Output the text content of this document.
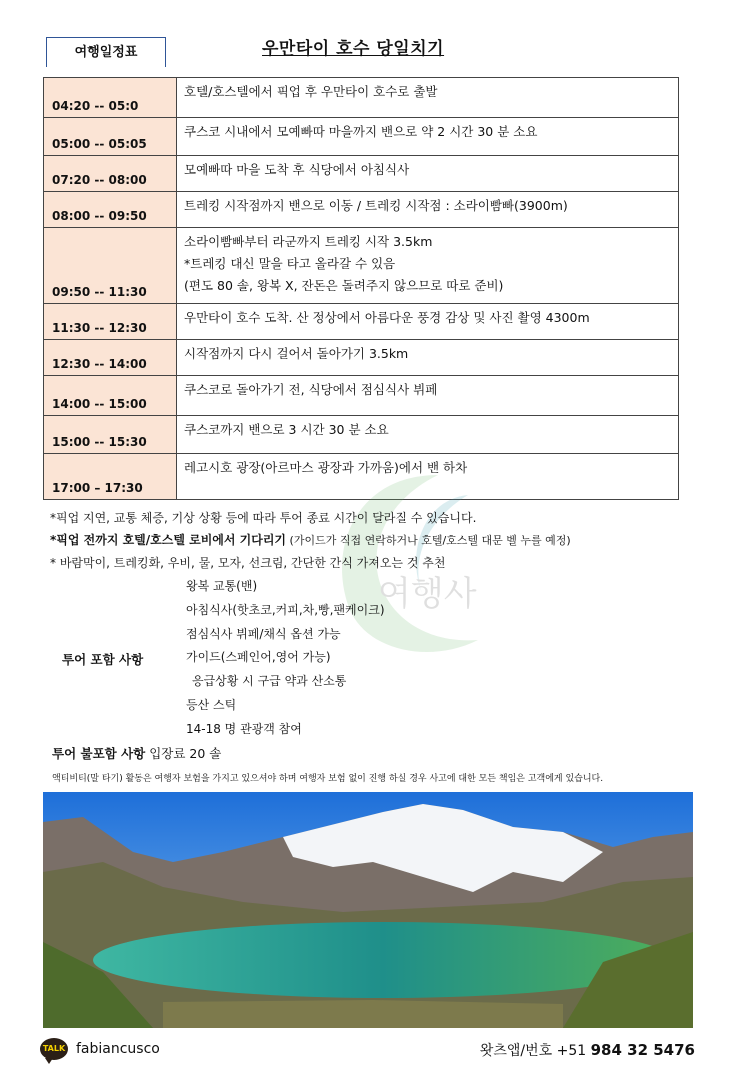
여행일정표	우만타이 호수 당일치기
04:20 -- 05:0	호텔/호스텔에서 픽업 후 우만타이 호수로 출발

05:00 -- 05:05	쿠스코 시내에서 모예빠따 마을까지 밴으로 약 2 시간 30 분 소요

07:20 -- 08:00	모예빠따 마을 도착 후 식당에서 아침식사

08:00 -- 09:50	트레킹 시작점까지 밴으로 이동 / 트레킹 시작점 : 소라이빰빠(3900m)

09:50 -- 11:30	소라이빰빠부터 라군까지 트레킹 시작 3.5km
*트레킹 대신 말을 타고 올라갈 수 있음
(편도 80 솔, 왕복 X, 잔돈은 돌려주지 않으므로 따로 준비)

11:30 -- 12:30	우만타이 호수 도착. 산 정상에서 아름다운 풍경 감상 및 사진 촬영 4300m

12:30 -- 14:00	시작점까지 다시 걸어서 돌아가기 3.5km

14:00 -- 15:00	쿠스코로 돌아가기 전, 식당에서 점심식사 뷔페

15:00 -- 15:30	쿠스코까지 밴으로 3 시간 30 분 소요

17:00 – 17:30	레고시호 광장(아르마스 광장과 가까움)에서 밴 하차
여행사
*픽업 지연, 교통 체증, 기상 상황 등에 따라 투어 종료 시간이 달라질 수 있습니다.
*픽업 전까지 호텔/호스텔 로비에서 기다리기 (가이드가 직접 연락하거나 호텔/호스텔 대문 벨 누를 예정)
* 바람막이, 트레킹화, 우비, 물, 모자, 선크림, 간단한 간식 가져오는 것 추천
투어 포함 사항
왕복 교통(밴)
아침식사(핫초코,커피,차,빵,팬케이크)
점심식사 뷔페/채식 옵션 가능
가이드(스페인어,영어 가능)
응급상황 시 구급 약과 산소통
등산 스틱
14-18 명 관광객 참여
투어 불포함 사항 입장료 20 솔
액티비티(말 타기) 활동은 여행자 보험을 가지고 있으셔야 하며 여행자 보험 없이 진행 하실 경우 사고에 대한 모든 책임은 고객에게 있습니다.
TALK fabiancusco	왓츠앱/번호 +51 984 32 5476
